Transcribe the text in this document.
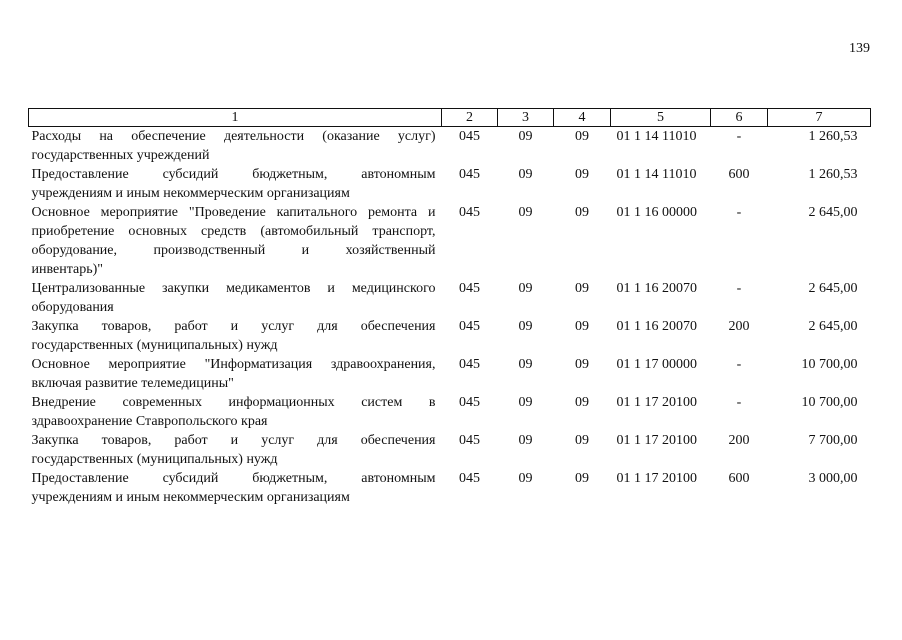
139
1	2	3	4	5	6	7

Расходы на обеспечение деятельности (оказание услуг)
государственных учреждений	045	09	09	01 1 14 11010	-	1 260,53

Предоставление субсидий бюджетным, автономным
учреждениям и иным некоммерческим организациям	045	09	09	01 1 14 11010	600	1 260,53

Основное мероприятие "Проведение капитального ремонта и
приобретение основных средств (автомобильный транспорт,
оборудование, производственный и хозяйственный
инвентарь)"	045	09	09	01 1 16 00000	-	2 645,00

Централизованные закупки медикаментов и медицинского
оборудования	045	09	09	01 1 16 20070	-	2 645,00

Закупка товаров, работ и услуг для обеспечения
государственных (муниципальных) нужд	045	09	09	01 1 16 20070	200	2 645,00

Основное мероприятие "Информатизация здравоохранения,
включая развитие телемедицины"	045	09	09	01 1 17 00000	-	10 700,00

Внедрение современных информационных систем в
здравоохранение Ставропольского края	045	09	09	01 1 17 20100	-	10 700,00

Закупка товаров, работ и услуг для обеспечения
государственных (муниципальных) нужд	045	09	09	01 1 17 20100	200	7 700,00

Предоставление субсидий бюджетным, автономным
учреждениям и иным некоммерческим организациям	045	09	09	01 1 17 20100	600	3 000,00
